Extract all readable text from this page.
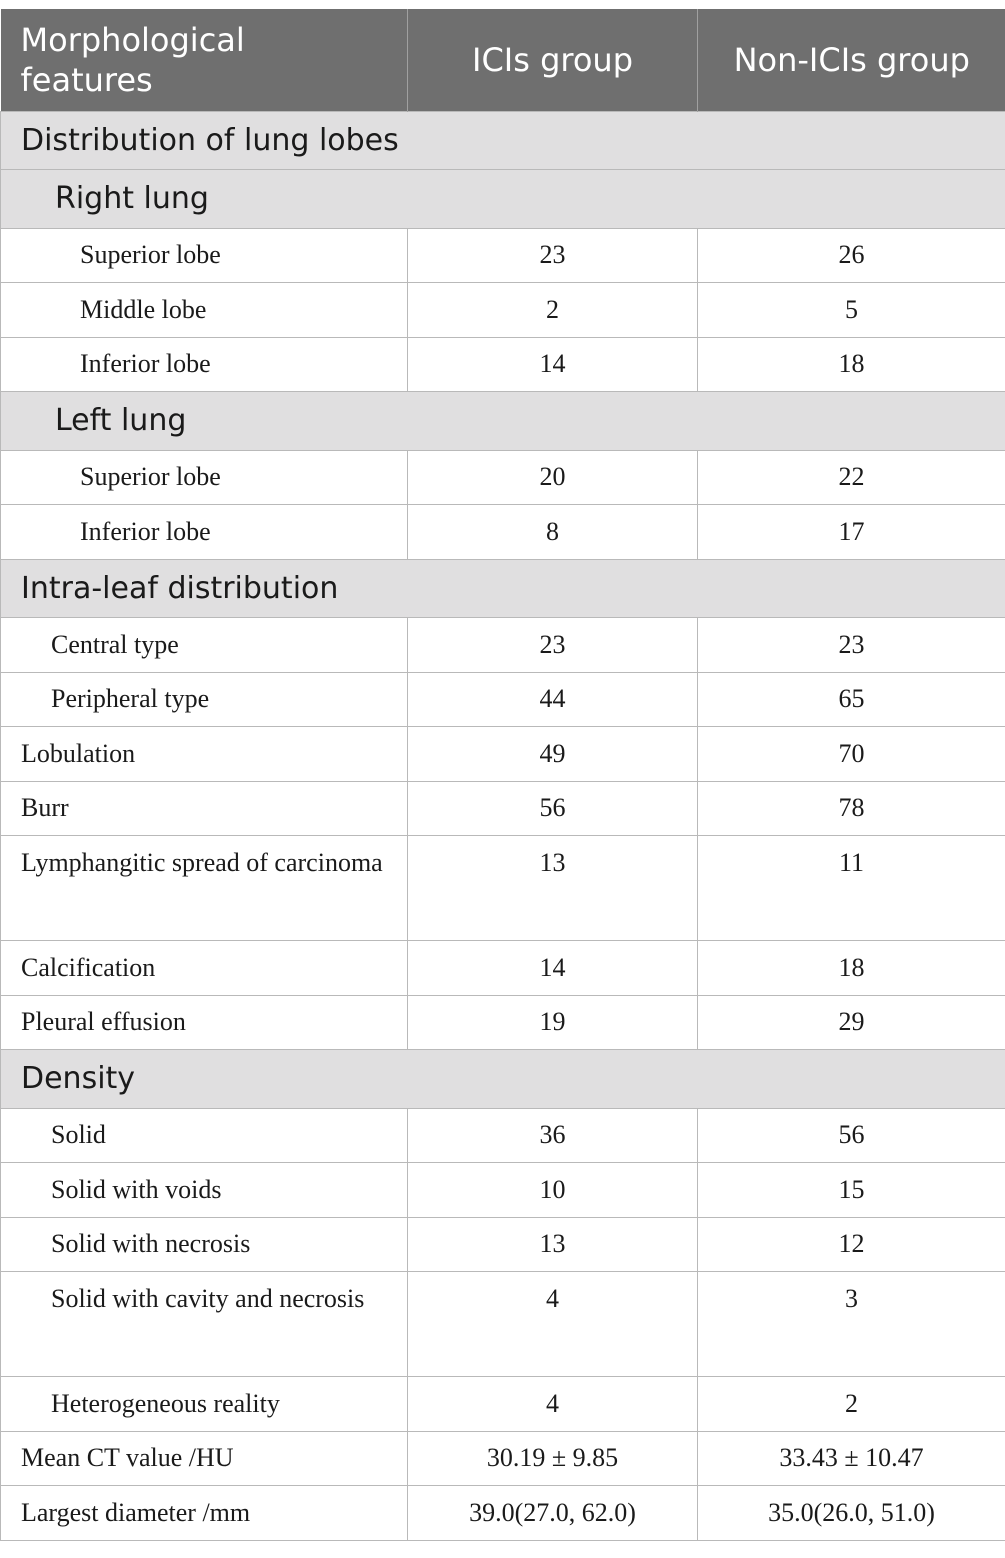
Morphological features	ICIs group	Non-ICIs group
Distribution of lung lobes		
Right lung		
Superior lobe	23	26
Middle lobe	2	5
Inferior lobe	14	18
Left lung		
Superior lobe	20	22
Inferior lobe	8	17
Intra-leaf distribution		
Central type	23	23
Peripheral type	44	65
Lobulation	49	70
Burr	56	78
Lymphangitic spread of carcinoma	13	11
Calcification	14	18
Pleural effusion	19	29
Density		
Solid	36	56
Solid with voids	10	15
Solid with necrosis	13	12
Solid with cavity and necrosis	4	3
Heterogeneous reality	4	2
Mean CT value /HU	30.19 ± 9.85	33.43 ± 10.47
Largest diameter /mm	39.0(27.0, 62.0)	35.0(26.0, 51.0)
